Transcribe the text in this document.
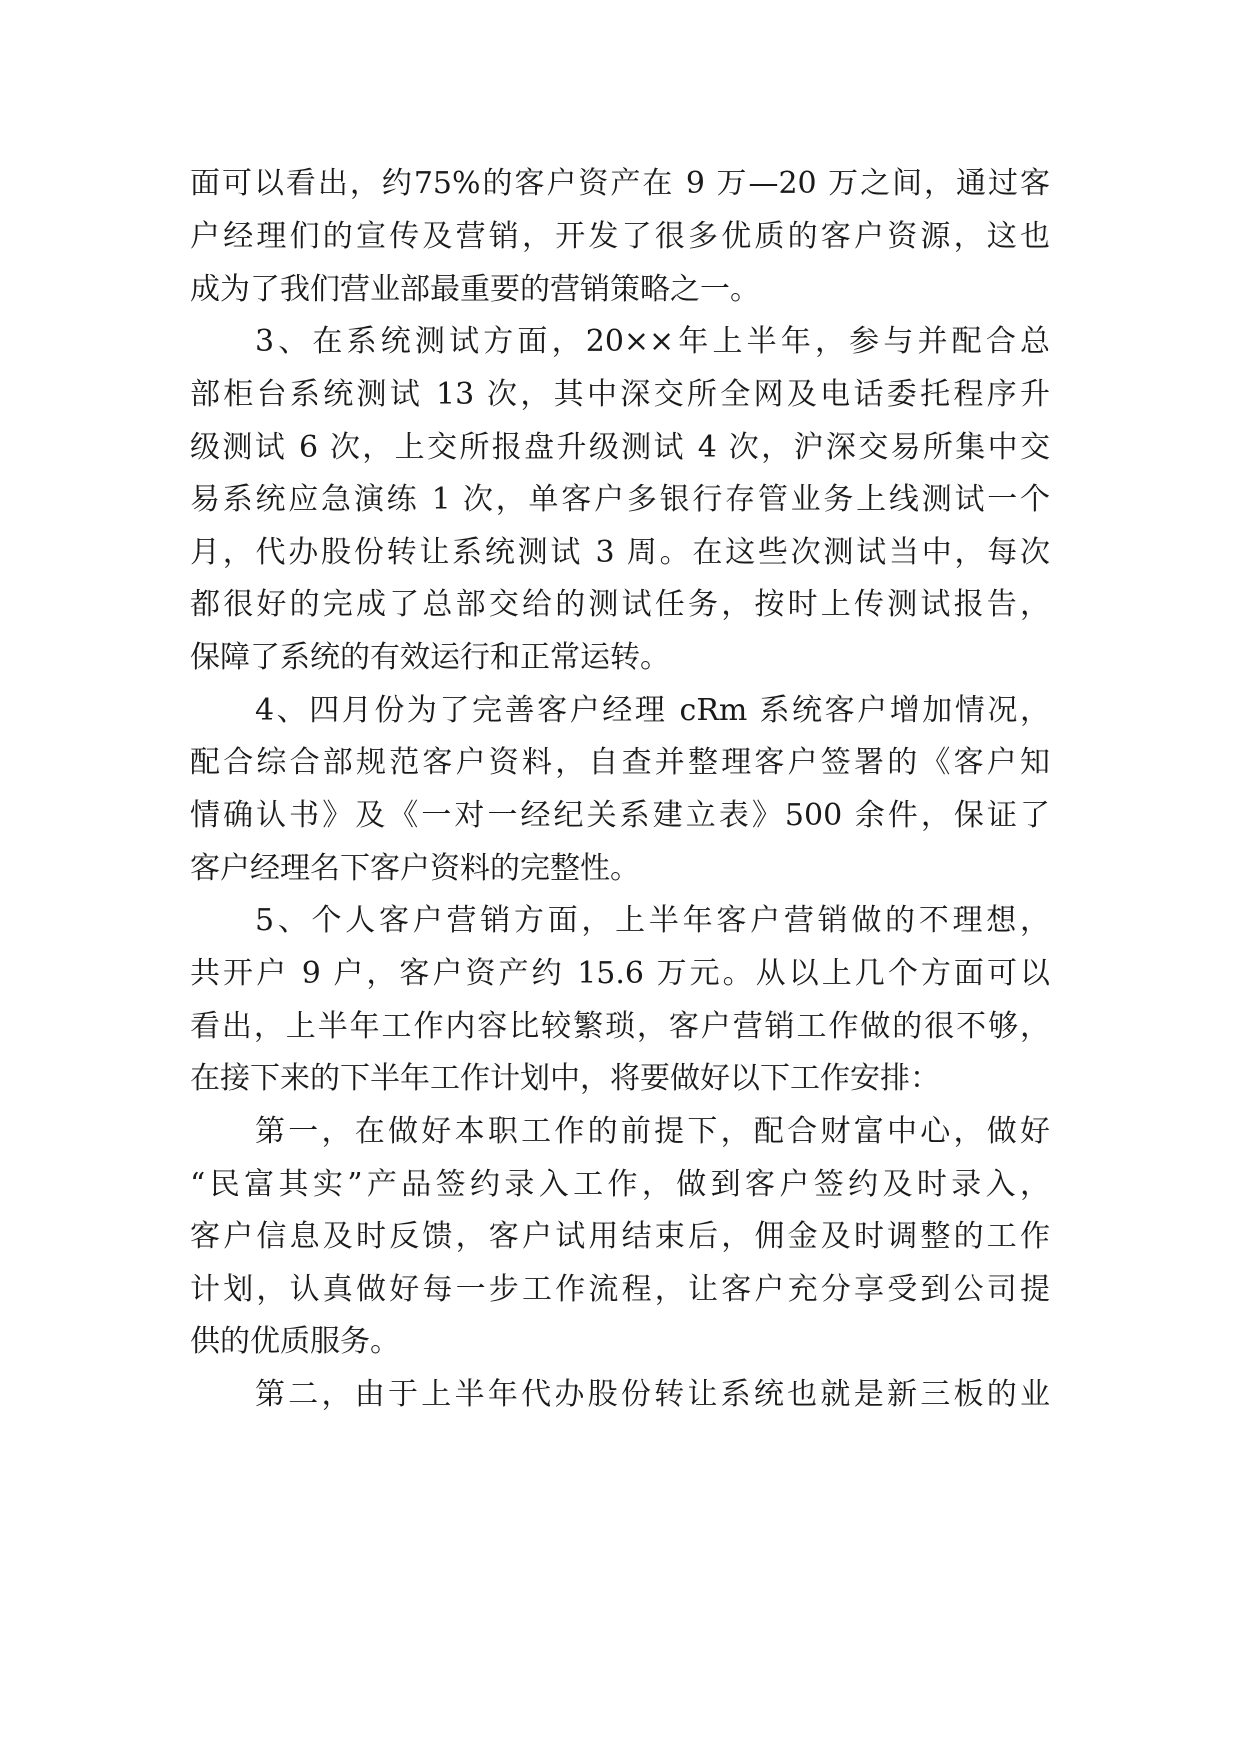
面可以看出，约75%的客户资产在 9 万—20 万之间，通过客
户经理们的宣传及营销，开发了很多优质的客户资源，这也
成为了我们营业部最重要的营销策略之一。
3、在系统测试方面，20××年上半年，参与并配合总
部柜台系统测试 13 次，其中深交所全网及电话委托程序升
级测试 6 次，上交所报盘升级测试 4 次，沪深交易所集中交
易系统应急演练 1 次，单客户多银行存管业务上线测试一个
月，代办股份转让系统测试 3 周。在这些次测试当中，每次
都很好的完成了总部交给的测试任务，按时上传测试报告，
保障了系统的有效运行和正常运转。
4、四月份为了完善客户经理 cRm 系统客户增加情况，
配合综合部规范客户资料，自查并整理客户签署的《客户知
情确认书》及《一对一经纪关系建立表》500 余件，保证了
客户经理名下客户资料的完整性。
5、个人客户营销方面，上半年客户营销做的不理想，
共开户 9 户，客户资产约 15.6 万元。从以上几个方面可以
看出，上半年工作内容比较繁琐，客户营销工作做的很不够，
在接下来的下半年工作计划中，将要做好以下工作安排：
第一，在做好本职工作的前提下，配合财富中心，做好
“民富其实”产品签约录入工作，做到客户签约及时录入，
客户信息及时反馈，客户试用结束后，佣金及时调整的工作
计划，认真做好每一步工作流程，让客户充分享受到公司提
供的优质服务。
第二，由于上半年代办股份转让系统也就是新三板的业
